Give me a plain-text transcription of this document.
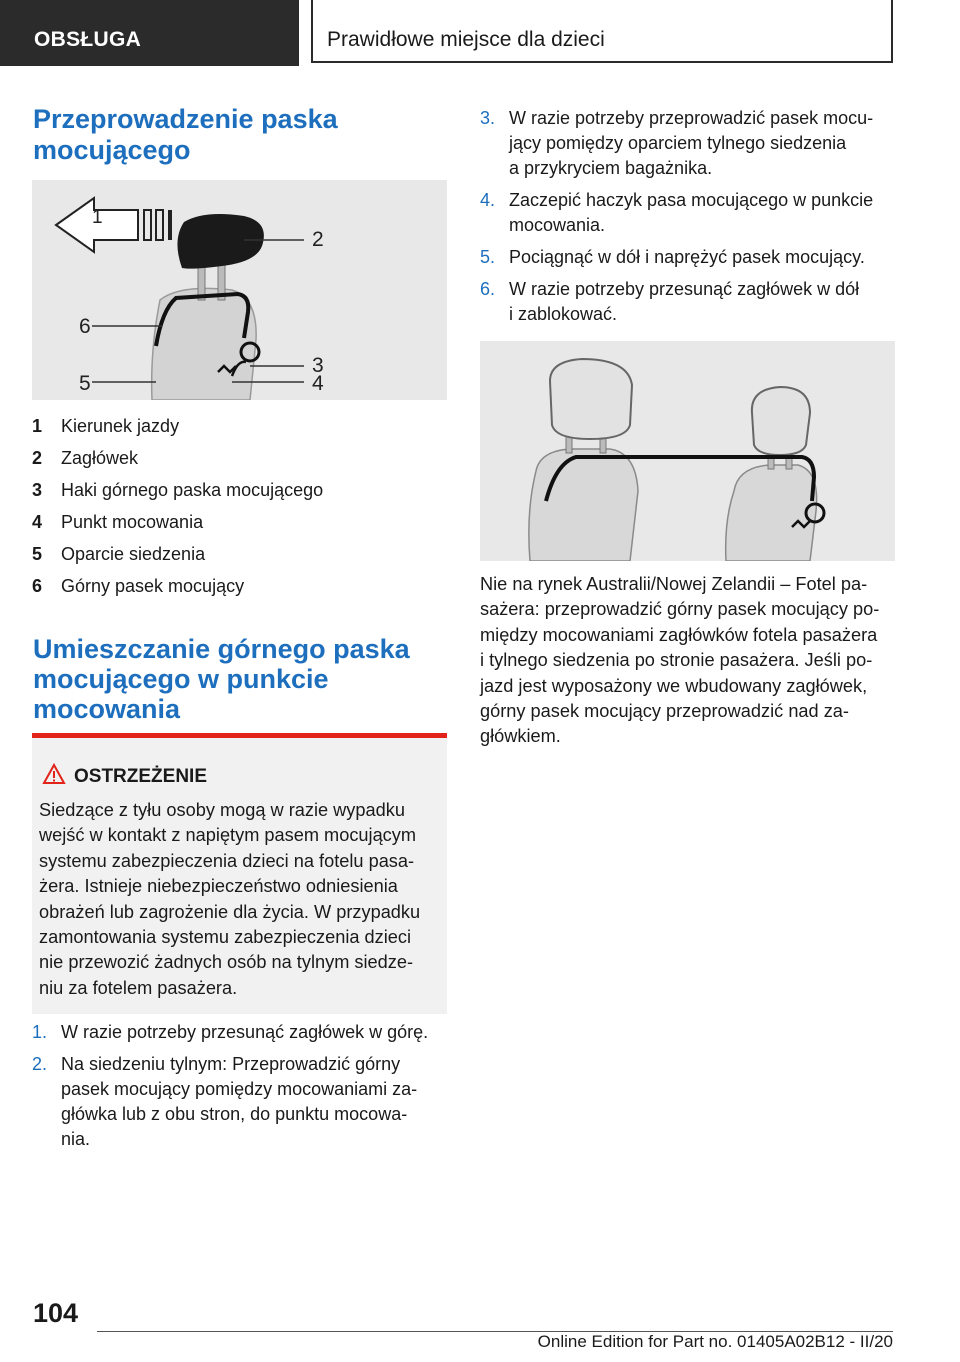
OBSŁUGA	Prawidłowe miejsce dla dzieci
Przeprowadzenie paska
mocującego
1
2
3
4
5
6
1	Kierunek jazdy
2	Zagłówek
3	Haki górnego paska mocującego
4	Punkt mocowania
5	Oparcie siedzenia
6	Górny pasek mocujący
Umieszczanie górnego paska
mocującego w punkcie
mocowania
OSTRZEŻENIE
Siedzące z tyłu osoby mogą w razie wypadku
wejść w kontakt z napiętym pasem mocującym
systemu zabezpieczenia dzieci na fotelu pasa-
żera. Istnieje niebezpieczeństwo odniesienia
obrażeń lub zagrożenie dla życia. W przypadku
zamontowania systemu zabezpieczenia dzieci
nie przewozić żadnych osób na tylnym siedze-
niu za fotelem pasażera.
1. W razie potrzeby przesunąć zagłówek w górę.
2. Na siedzeniu tylnym: Przeprowadzić górny
pasek mocujący pomiędzy mocowaniami za-
główka lub z obu stron, do punktu mocowa-
nia.
3. W razie potrzeby przeprowadzić pasek mocu-
jący pomiędzy oparciem tylnego siedzenia
a przykryciem bagażnika.
4. Zaczepić haczyk pasa mocującego w punkcie
mocowania.
5. Pociągnąć w dół i naprężyć pasek mocujący.
6. W razie potrzeby przesunąć zagłówek w dół
i zablokować.
Nie na rynek Australii/Nowej Zelandii – Fotel pa-
sażera: przeprowadzić górny pasek mocujący po-
między mocowaniami zagłówków fotela pasażera
i tylnego siedzenia po stronie pasażera. Jeśli po-
jazd jest wyposażony we wbudowany zagłówek,
górny pasek mocujący przeprowadzić nad za-
główkiem.
104
Online Edition for Part no. 01405A02B12 - II/20
